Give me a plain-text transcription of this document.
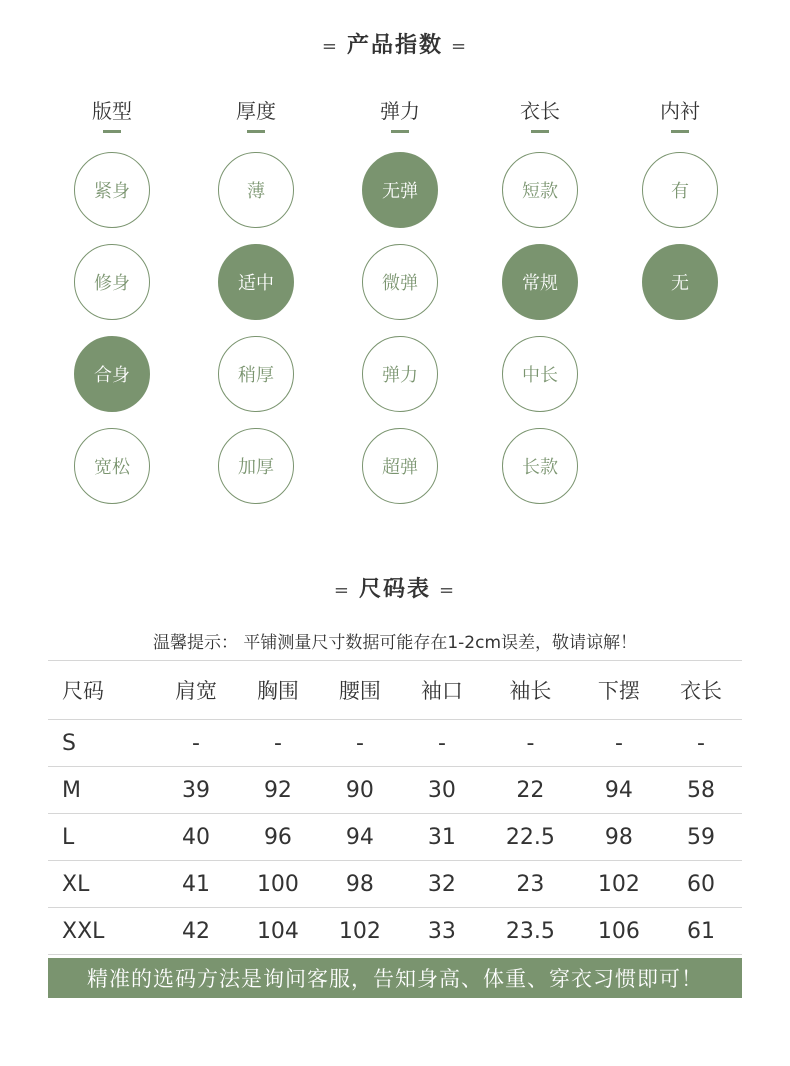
= 产品指数 =
版型
紧身
修身
合身
宽松
厚度
薄
适中
稍厚
加厚
弹力
无弹
微弹
弹力
超弹
衣长
短款
常规
中长
长款
内衬
有
无
= 尺码表 =
温馨提示： 平铺测量尺寸数据可能存在1-2cm误差，敬请谅解！
尺码	肩宽	胸围	腰围	袖口	袖长	下摆	衣长
S	-	-	-	-	-	-	-
M	39	92	90	30	22	94	58
L	40	96	94	31	22.5	98	59
XL	41	100	98	32	23	102	60
XXL	42	104	102	33	23.5	106	61
精准的选码方法是询问客服，告知身高、体重、穿衣习惯即可！
